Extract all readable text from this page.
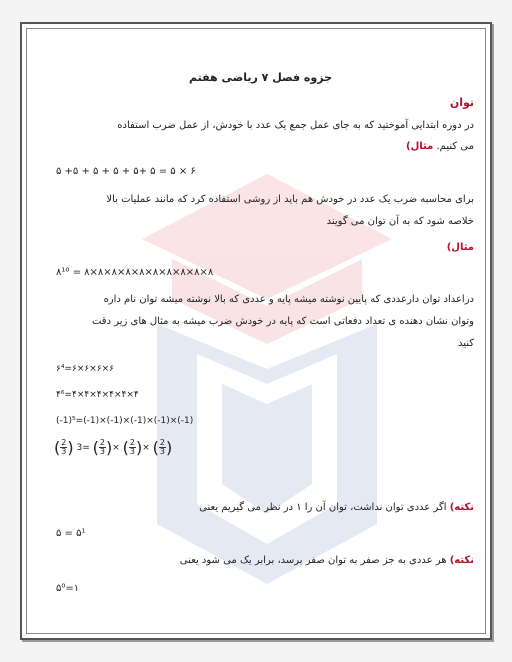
جزوه فصل ۷ ریاضی هفتم
توان
در دوره ابتدایی آموختید که به جای عمل جمع یک عدد با خودش، از عمل ضرب استفاده
می کنیم. مثال)
۵ +۵ + ۵ + ۵ + ۵+ ۵ = ۵ × ۶
برای محاسبه ضرب یک عدد در خودش هم باید از روشی استفاده کرد که مانند عملیات بالا
خلاصه شود که به آن توان می گویند
مثال)
۸¹⁰ = ۸×۸×۸×۸×۸×۸×۸×۸×۸×۸
دراعداد توان دارعددی که پایین نوشته میشه پایه و عددی که بالا نوشته میشه توان نام داره
وتوان نشان دهنده ی تعداد دفعاتی است که پایه در خودش ضرب میشه به مثال های زیر دقت
کنید
۶⁴=۶×۶×۶×۶
۴⁶=۴×۴×۴×۴×۴×۴
(-1)⁵=(-1)×(-1)×(-1)×(-1)×(-1)
( $\frac{2}{3}$ ) 3= ( $\frac{2}{3}$ )× ( $\frac{2}{3}$ )× ( $\frac{2}{3}$ )
نکته) اگر عددی توان نداشت، توان آن را ۱ در نظر می گیریم یعنی
۵ = ۵¹
نکته) هر عددی به جز صفر به توان صفر برسد، برابر یک می شود یعنی
۵⁰=۱
